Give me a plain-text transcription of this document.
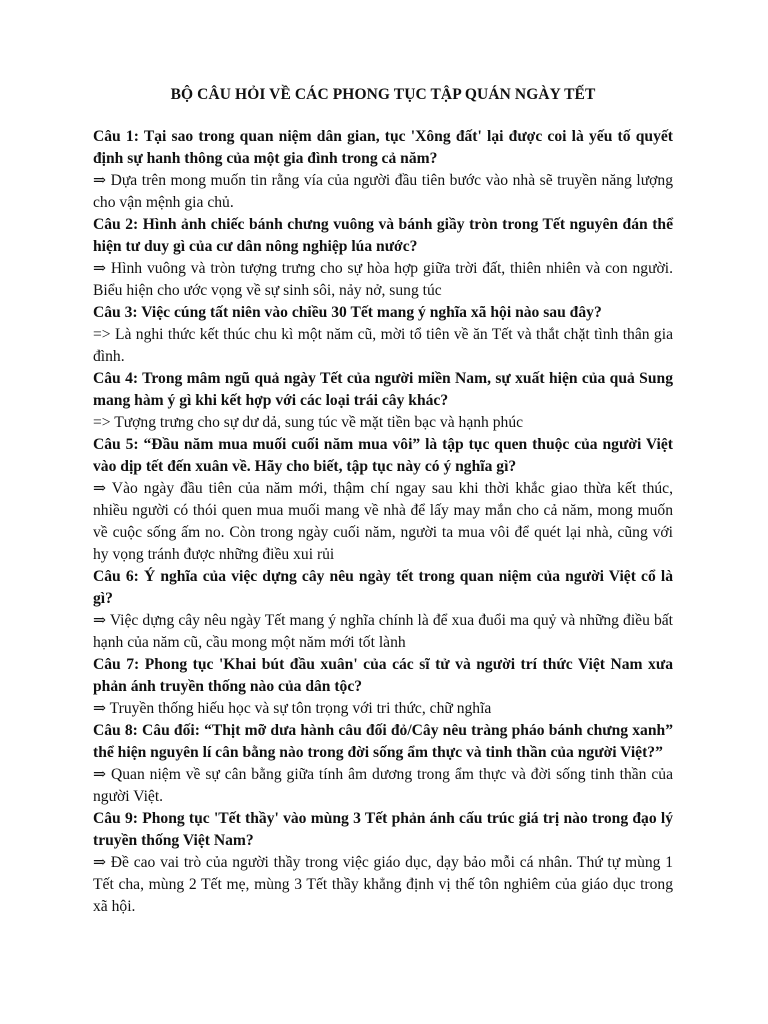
BỘ CÂU HỎI VỀ CÁC PHONG TỤC TẬP QUÁN NGÀY TẾT

Câu 1: Tại sao trong quan niệm dân gian, tục 'Xông đất' lại được coi là yếu tố quyết định sự hanh thông của một gia đình trong cả năm?

⇒ Dựa trên mong muốn tin rằng vía của người đầu tiên bước vào nhà sẽ truyền năng lượng cho vận mệnh gia chủ.

Câu 2: Hình ảnh chiếc bánh chưng vuông và bánh giầy tròn trong Tết nguyên đán thể hiện tư duy gì của cư dân nông nghiệp lúa nước?

⇒ Hình vuông và tròn tượng trưng cho sự hòa hợp giữa trời đất, thiên nhiên và con người. Biểu hiện cho ước vọng về sự sinh sôi, nảy nở, sung túc

Câu 3: Việc cúng tất niên vào chiều 30 Tết mang ý nghĩa xã hội nào sau đây?

=> Là nghi thức kết thúc chu kì một năm cũ, mời tổ tiên về ăn Tết và thắt chặt tình thân gia đình.

Câu 4: Trong mâm ngũ quả ngày Tết của người miền Nam, sự xuất hiện của quả Sung mang hàm ý gì khi kết hợp với các loại trái cây khác?

=> Tượng trưng cho sự dư dả, sung túc về mặt tiền bạc và hạnh phúc

Câu 5: “Đầu năm mua muối cuối năm mua vôi” là tập tục quen thuộc của người Việt vào dịp tết đến xuân về. Hãy cho biết, tập tục này có ý nghĩa gì?

⇒ Vào ngày đầu tiên của năm mới, thậm chí ngay sau khi thời khắc giao thừa kết thúc, nhiều người có thói quen mua muối mang về nhà để lấy may mắn cho cả năm, mong muốn về cuộc sống ấm no. Còn trong ngày cuối năm, người ta mua vôi để quét lại nhà, cũng với hy vọng tránh được những điều xui rủi

Câu 6: Ý nghĩa của việc dựng cây nêu ngày tết trong quan niệm của người Việt cổ là gì?

⇒ Việc dựng cây nêu ngày Tết mang ý nghĩa chính là để xua đuổi ma quỷ và những điều bất hạnh của năm cũ, cầu mong một năm mới tốt lành

Câu 7: Phong tục 'Khai bút đầu xuân' của các sĩ tử và người trí thức Việt Nam xưa phản ánh truyền thống nào của dân tộc?

⇒ Truyền thống hiếu học và sự tôn trọng với tri thức, chữ nghĩa

Câu 8: Câu đối: “Thịt mỡ dưa hành câu đối đỏ/Cây nêu tràng pháo bánh chưng xanh” thể hiện nguyên lí cân bằng nào trong đời sống ẩm thực và tinh thần của người Việt?”

⇒ Quan niệm về sự cân bằng giữa tính âm dương trong ẩm thực và đời sống tinh thần của người Việt.

Câu 9: Phong tục 'Tết thầy' vào mùng 3 Tết phản ánh cấu trúc giá trị nào trong đạo lý truyền thống Việt Nam?

⇒ Đề cao vai trò của người thầy trong việc giáo dục, dạy bảo mỗi cá nhân. Thứ tự mùng 1 Tết cha, mùng 2 Tết mẹ, mùng 3 Tết thầy khẳng định vị thế tôn nghiêm của giáo dục trong xã hội.
